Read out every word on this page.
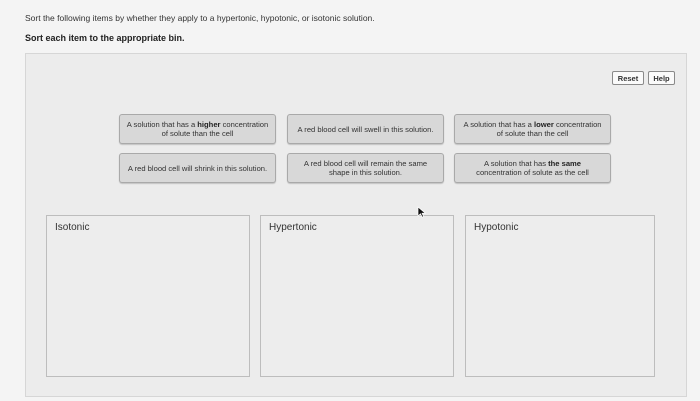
Sort the following items by whether they apply to a hypertonic, hypotonic, or isotonic solution.
Sort each item to the appropriate bin.
Reset	Help
A solution that has a higher concentration of solute than the cell	A red blood cell will swell in this solution.	A solution that has a lower concentration of solute than the cell
A red blood cell will shrink in this solution.	A red blood cell will remain the same shape in this solution.
A solution that has the same concentration of solute as the cell
Isotonic	Hypertonic	Hypotonic
